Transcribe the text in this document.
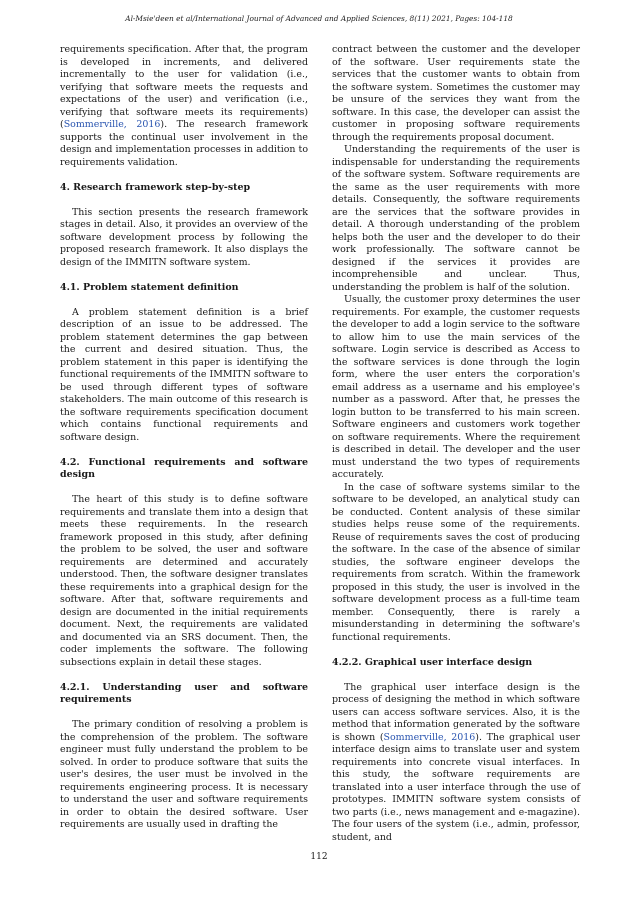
Al-Msie'deen et al/International Journal of Advanced and Applied Sciences, 8(11) 2021, Pages: 104-118

requirements specification. After that, the program is developed in increments, and delivered incrementally to the user for validation (i.e., verifying that software meets the requests and expectations of the user) and verification (i.e., verifying that software meets its requirements) (Sommerville, 2016). The research framework supports the continual user involvement in the design and implementation processes in addition to requirements validation.

4. Research framework step-by-step

This section presents the research framework stages in detail. Also, it provides an overview of the software development process by following the proposed research framework. It also displays the design of the IMMITN software system.

4.1. Problem statement definition

A problem statement definition is a brief description of an issue to be addressed. The problem statement determines the gap between the current and desired situation. Thus, the problem statement in this paper is identifying the functional requirements of the IMMITN software to be used through different types of software stakeholders. The main outcome of this research is the software requirements specification document which contains functional requirements and software design.

4.2. Functional requirements and software design

The heart of this study is to define software requirements and translate them into a design that meets these requirements. In the research framework proposed in this study, after defining the problem to be solved, the user and software requirements are determined and accurately understood. Then, the software designer translates these requirements into a graphical design for the software. After that, software requirements and design are documented in the initial requirements document. Next, the requirements are validated and documented via an SRS document. Then, the coder implements the software. The following subsections explain in detail these stages.

4.2.1. Understanding user and software requirements

The primary condition of resolving a problem is the comprehension of the problem. The software engineer must fully understand the problem to be solved. In order to produce software that suits the user's desires, the user must be involved in the requirements engineering process. It is necessary to understand the user and software requirements in order to obtain the desired software. User requirements are usually used in drafting the

contract between the customer and the developer of the software. User requirements state the services that the customer wants to obtain from the software system. Sometimes the customer may be unsure of the services they want from the software. In this case, the developer can assist the customer in proposing software requirements through the requirements proposal document.

Understanding the requirements of the user is indispensable for understanding the requirements of the software system. Software requirements are the same as the user requirements with more details. Consequently, the software requirements are the services that the software provides in detail. A thorough understanding of the problem helps both the user and the developer to do their work professionally. The software cannot be designed if the services it provides are incomprehensible and unclear. Thus, understanding the problem is half of the solution.

Usually, the customer proxy determines the user requirements. For example, the customer requests the developer to add a login service to the software to allow him to use the main services of the software. Login service is described as Access to the software services is done through the login form, where the user enters the corporation's email address as a username and his employee's number as a password. After that, he presses the login button to be transferred to his main screen. Software engineers and customers work together on software requirements. Where the requirement is described in detail. The developer and the user must understand the two types of requirements accurately.

In the case of software systems similar to the software to be developed, an analytical study can be conducted. Content analysis of these similar studies helps reuse some of the requirements. Reuse of requirements saves the cost of producing the software. In the case of the absence of similar studies, the software engineer develops the requirements from scratch. Within the framework proposed in this study, the user is involved in the software development process as a full-time team member. Consequently, there is rarely a misunderstanding in determining the software's functional requirements.

4.2.2. Graphical user interface design

The graphical user interface design is the process of designing the method in which software users can access software services. Also, it is the method that information generated by the software is shown (Sommerville, 2016). The graphical user interface design aims to translate user and system requirements into concrete visual interfaces. In this study, the software requirements are translated into a user interface through the use of prototypes. IMMITN software system consists of two parts (i.e., news management and e-magazine). The four users of the system (i.e., admin, professor, student, and

112
